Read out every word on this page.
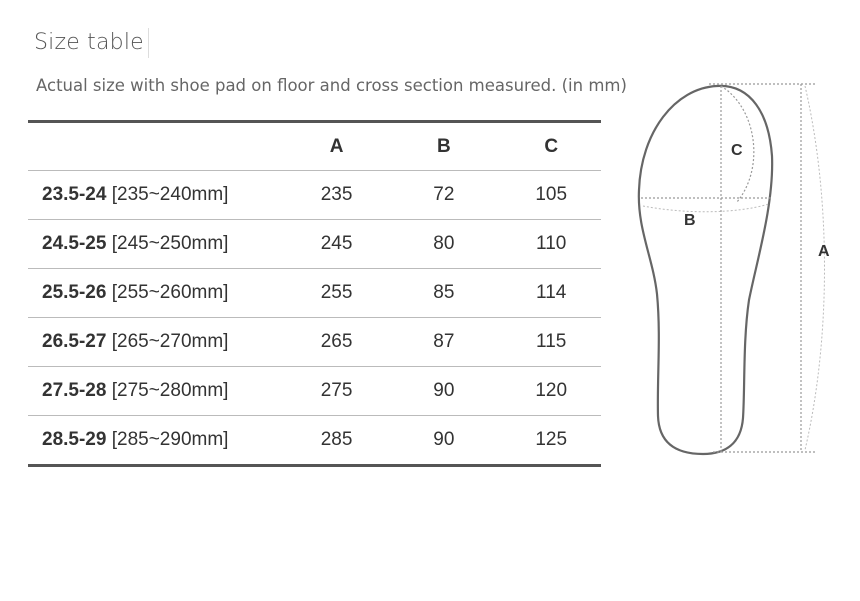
Size table
Actual size with shoe pad on floor and cross section measured. (in mm)
	A	B	C
23.5-24 [235~240mm]	235	72	105
24.5-25 [245~250mm]	245	80	110
25.5-26 [255~260mm]	255	85	114
26.5-27 [265~270mm]	265	87	115
27.5-28 [275~280mm]	275	90	120
28.5-29 [285~290mm]	285	90	125
C
B
A
